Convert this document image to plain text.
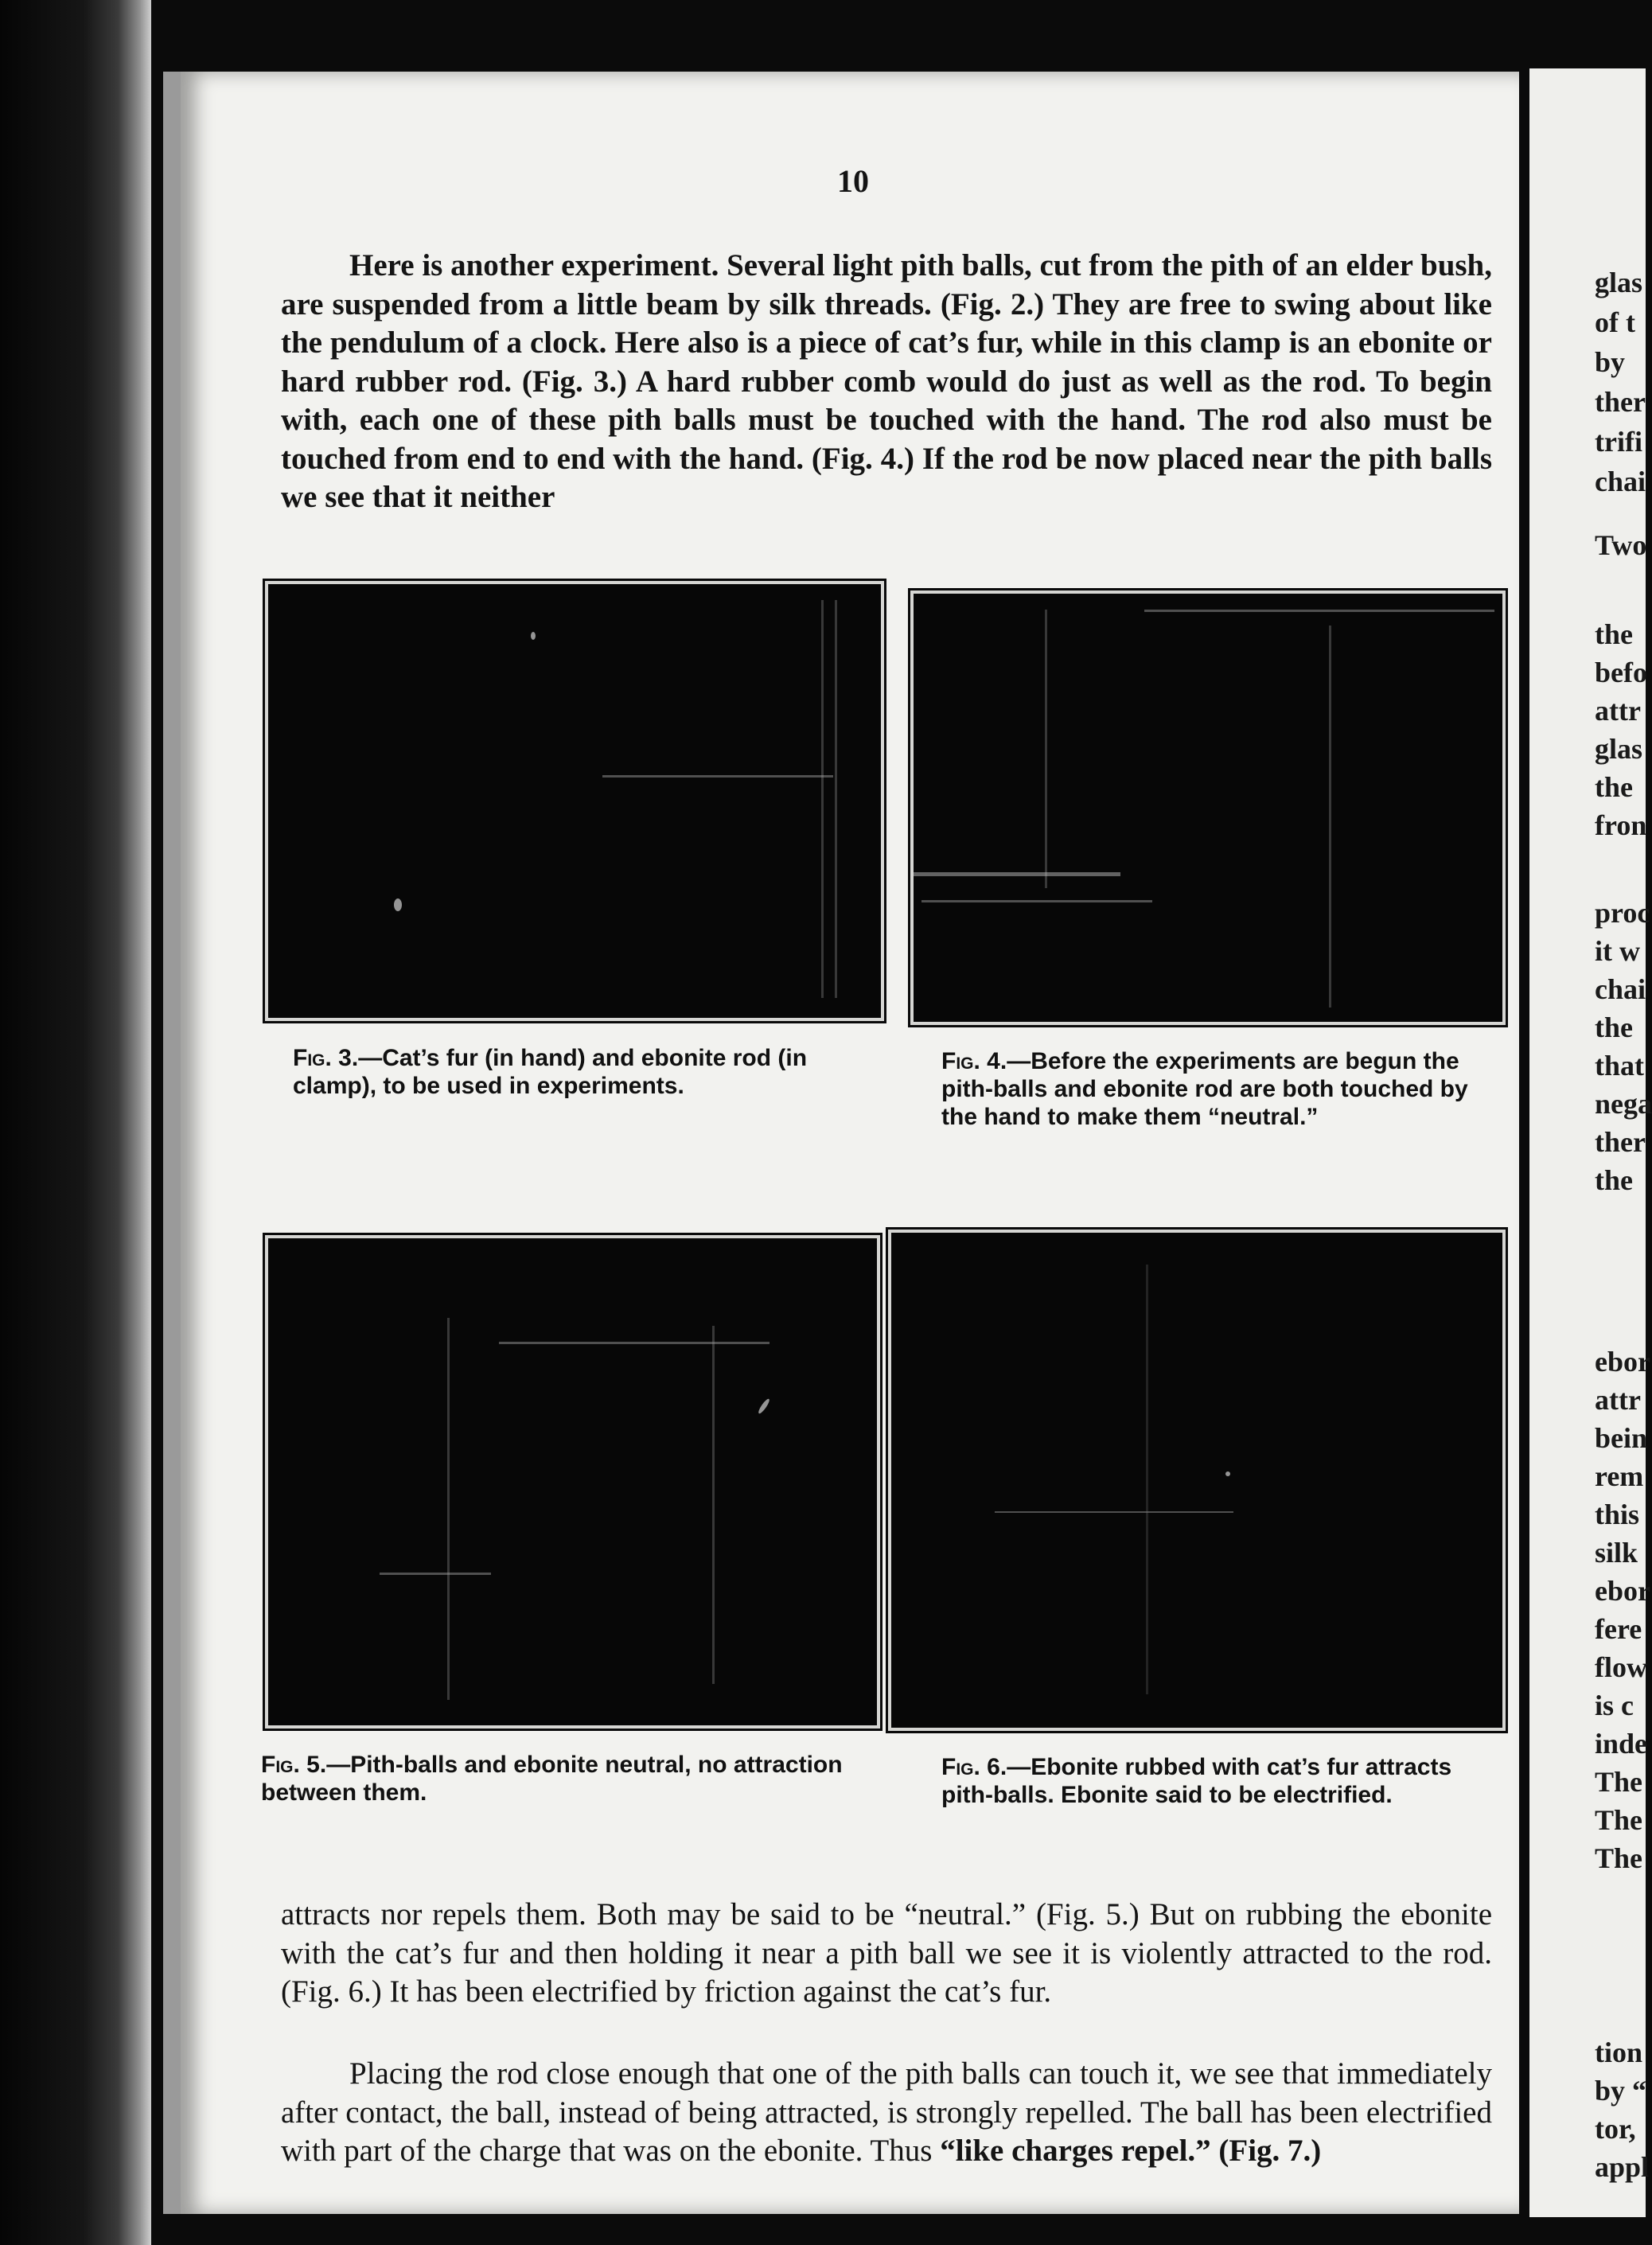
glas
of t
by
ther
trifi
chai
Two
the
befo
attr
glas
the
fron
proc
it w
chai
the
that
nega
ther
the
ebor
attr
bein
rem
this
silk
ebor
fere
flow
is c
inde
The
The
The
tion
by “
tor,
appl
10
Here is another experiment. Several light pith balls, cut from the pith of an elder bush, are suspended from a little beam by silk threads. (Fig. 2.) They are free to swing about like the pendulum of a clock. Here also is a piece of cat’s fur, while in this clamp is an ebonite or hard rubber rod. (Fig. 3.) A hard rubber comb would do just as well as the rod. To begin with, each one of these pith balls must be touched with the hand. The rod also must be touched from end to end with the hand. (Fig. 4.) If the rod be now placed near the pith balls we see that it neither
Fig. 3.—Cat’s fur (in hand) and ebonite rod (in clamp), to be used in experiments.
Fig. 4.—Before the experiments are begun the pith-balls and ebonite rod are both touched by the hand to make them “neutral.”
Fig. 5.—Pith-balls and ebonite neutral, no attraction between them.
Fig. 6.—Ebonite rubbed with cat’s fur attracts pith-balls. Ebonite said to be electrified.
attracts nor repels them. Both may be said to be “neutral.” (Fig. 5.) But on rubbing the ebonite with the cat’s fur and then holding it near a pith ball we see it is violently attracted to the rod. (Fig. 6.) It has been electrified by friction against the cat’s fur.
Placing the rod close enough that one of the pith balls can touch it, we see that immediately after contact, the ball, instead of being attracted, is strongly repelled. The ball has been electrified with part of the charge that was on the ebonite. Thus “like charges repel.” (Fig. 7.)
